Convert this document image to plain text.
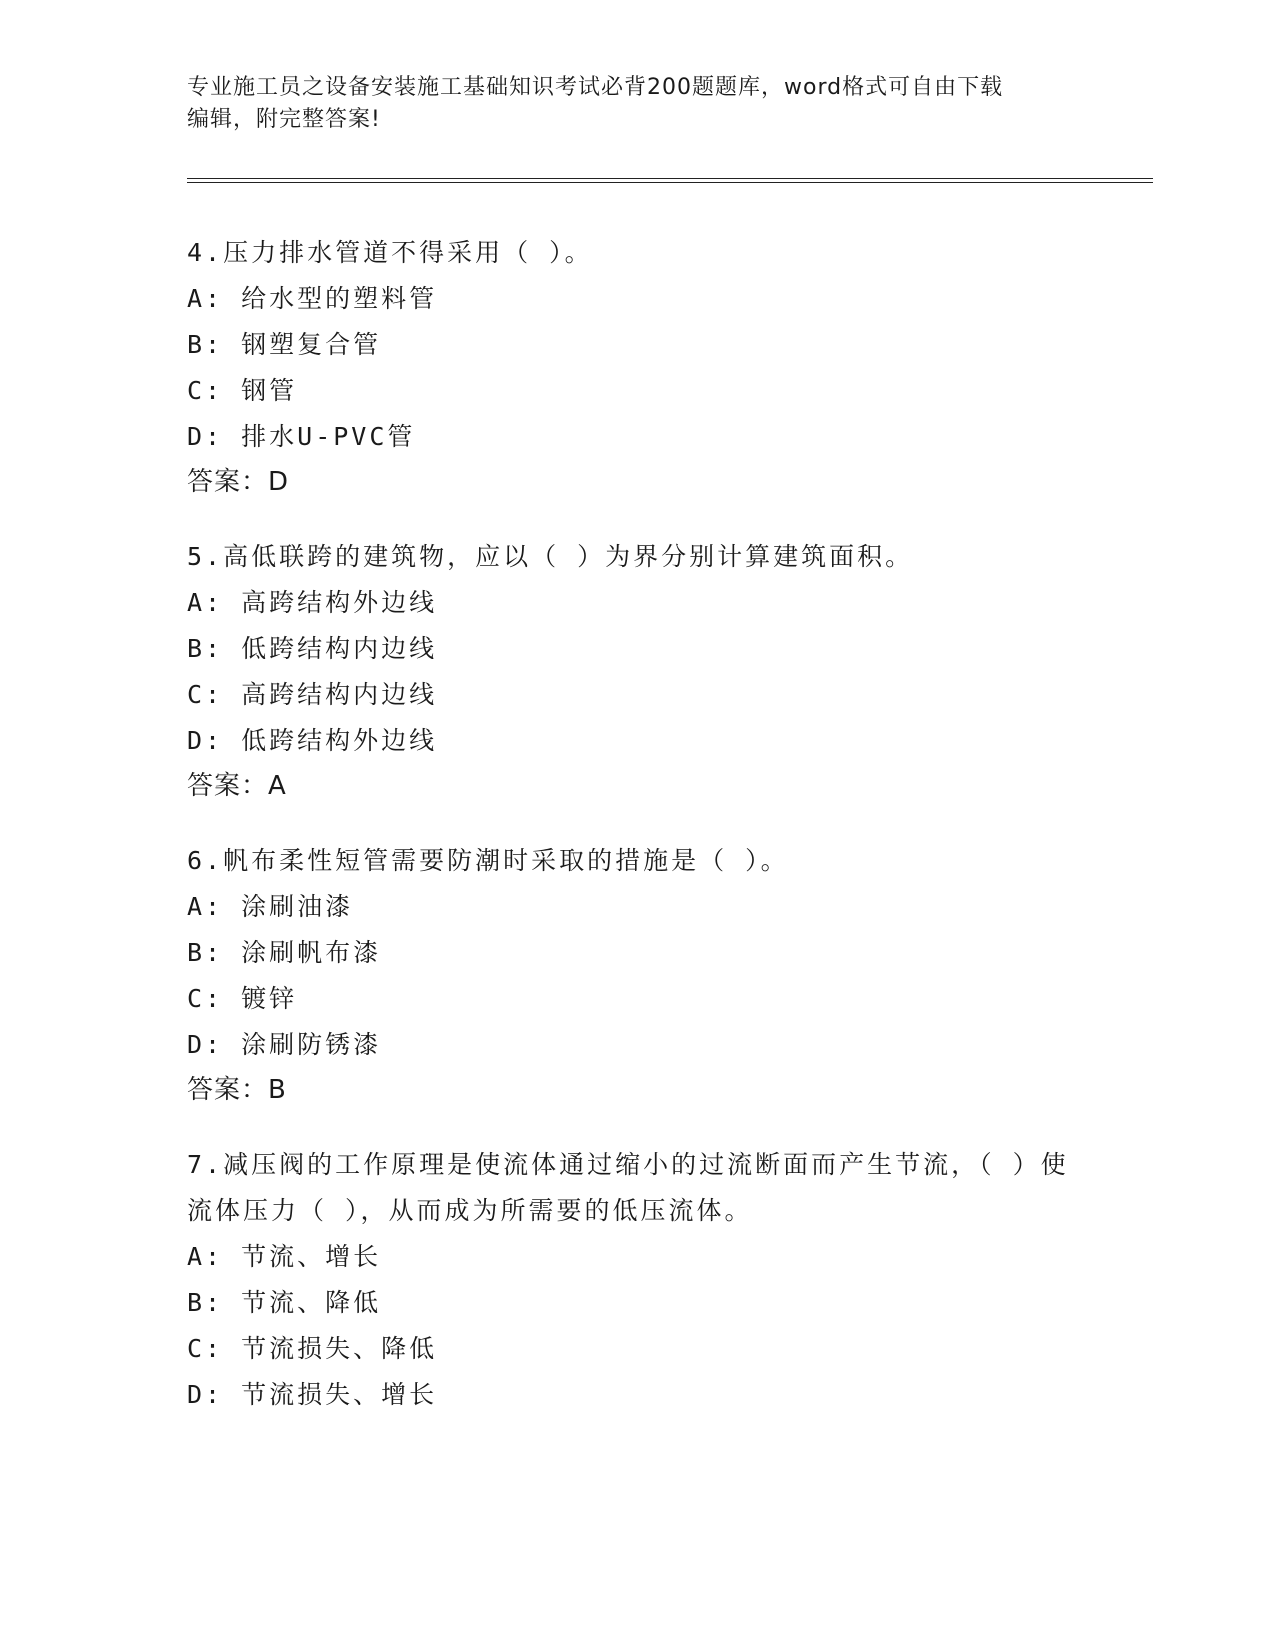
专业施工员之设备安装施工基础知识考试必背200题题库，word格式可自由下载
编辑，附完整答案!
4.压力排水管道不得采用（ ）。
A: 给水型的塑料管
B: 钢塑复合管
C: 钢管
D: 排水U-PVC管
答案：D
5.高低联跨的建筑物，应以（ ）为界分别计算建筑面积。
A: 高跨结构外边线
B: 低跨结构内边线
C: 高跨结构内边线
D: 低跨结构外边线
答案：A
6.帆布柔性短管需要防潮时采取的措施是（ ）。
A: 涂刷油漆
B: 涂刷帆布漆
C: 镀锌
D: 涂刷防锈漆
答案：B
7.减压阀的工作原理是使流体通过缩小的过流断面而产生节流，（ ）使流体压力（ ），从而成为所需要的低压流体。
A: 节流、增长
B: 节流、降低
C: 节流损失、降低
D: 节流损失、增长
